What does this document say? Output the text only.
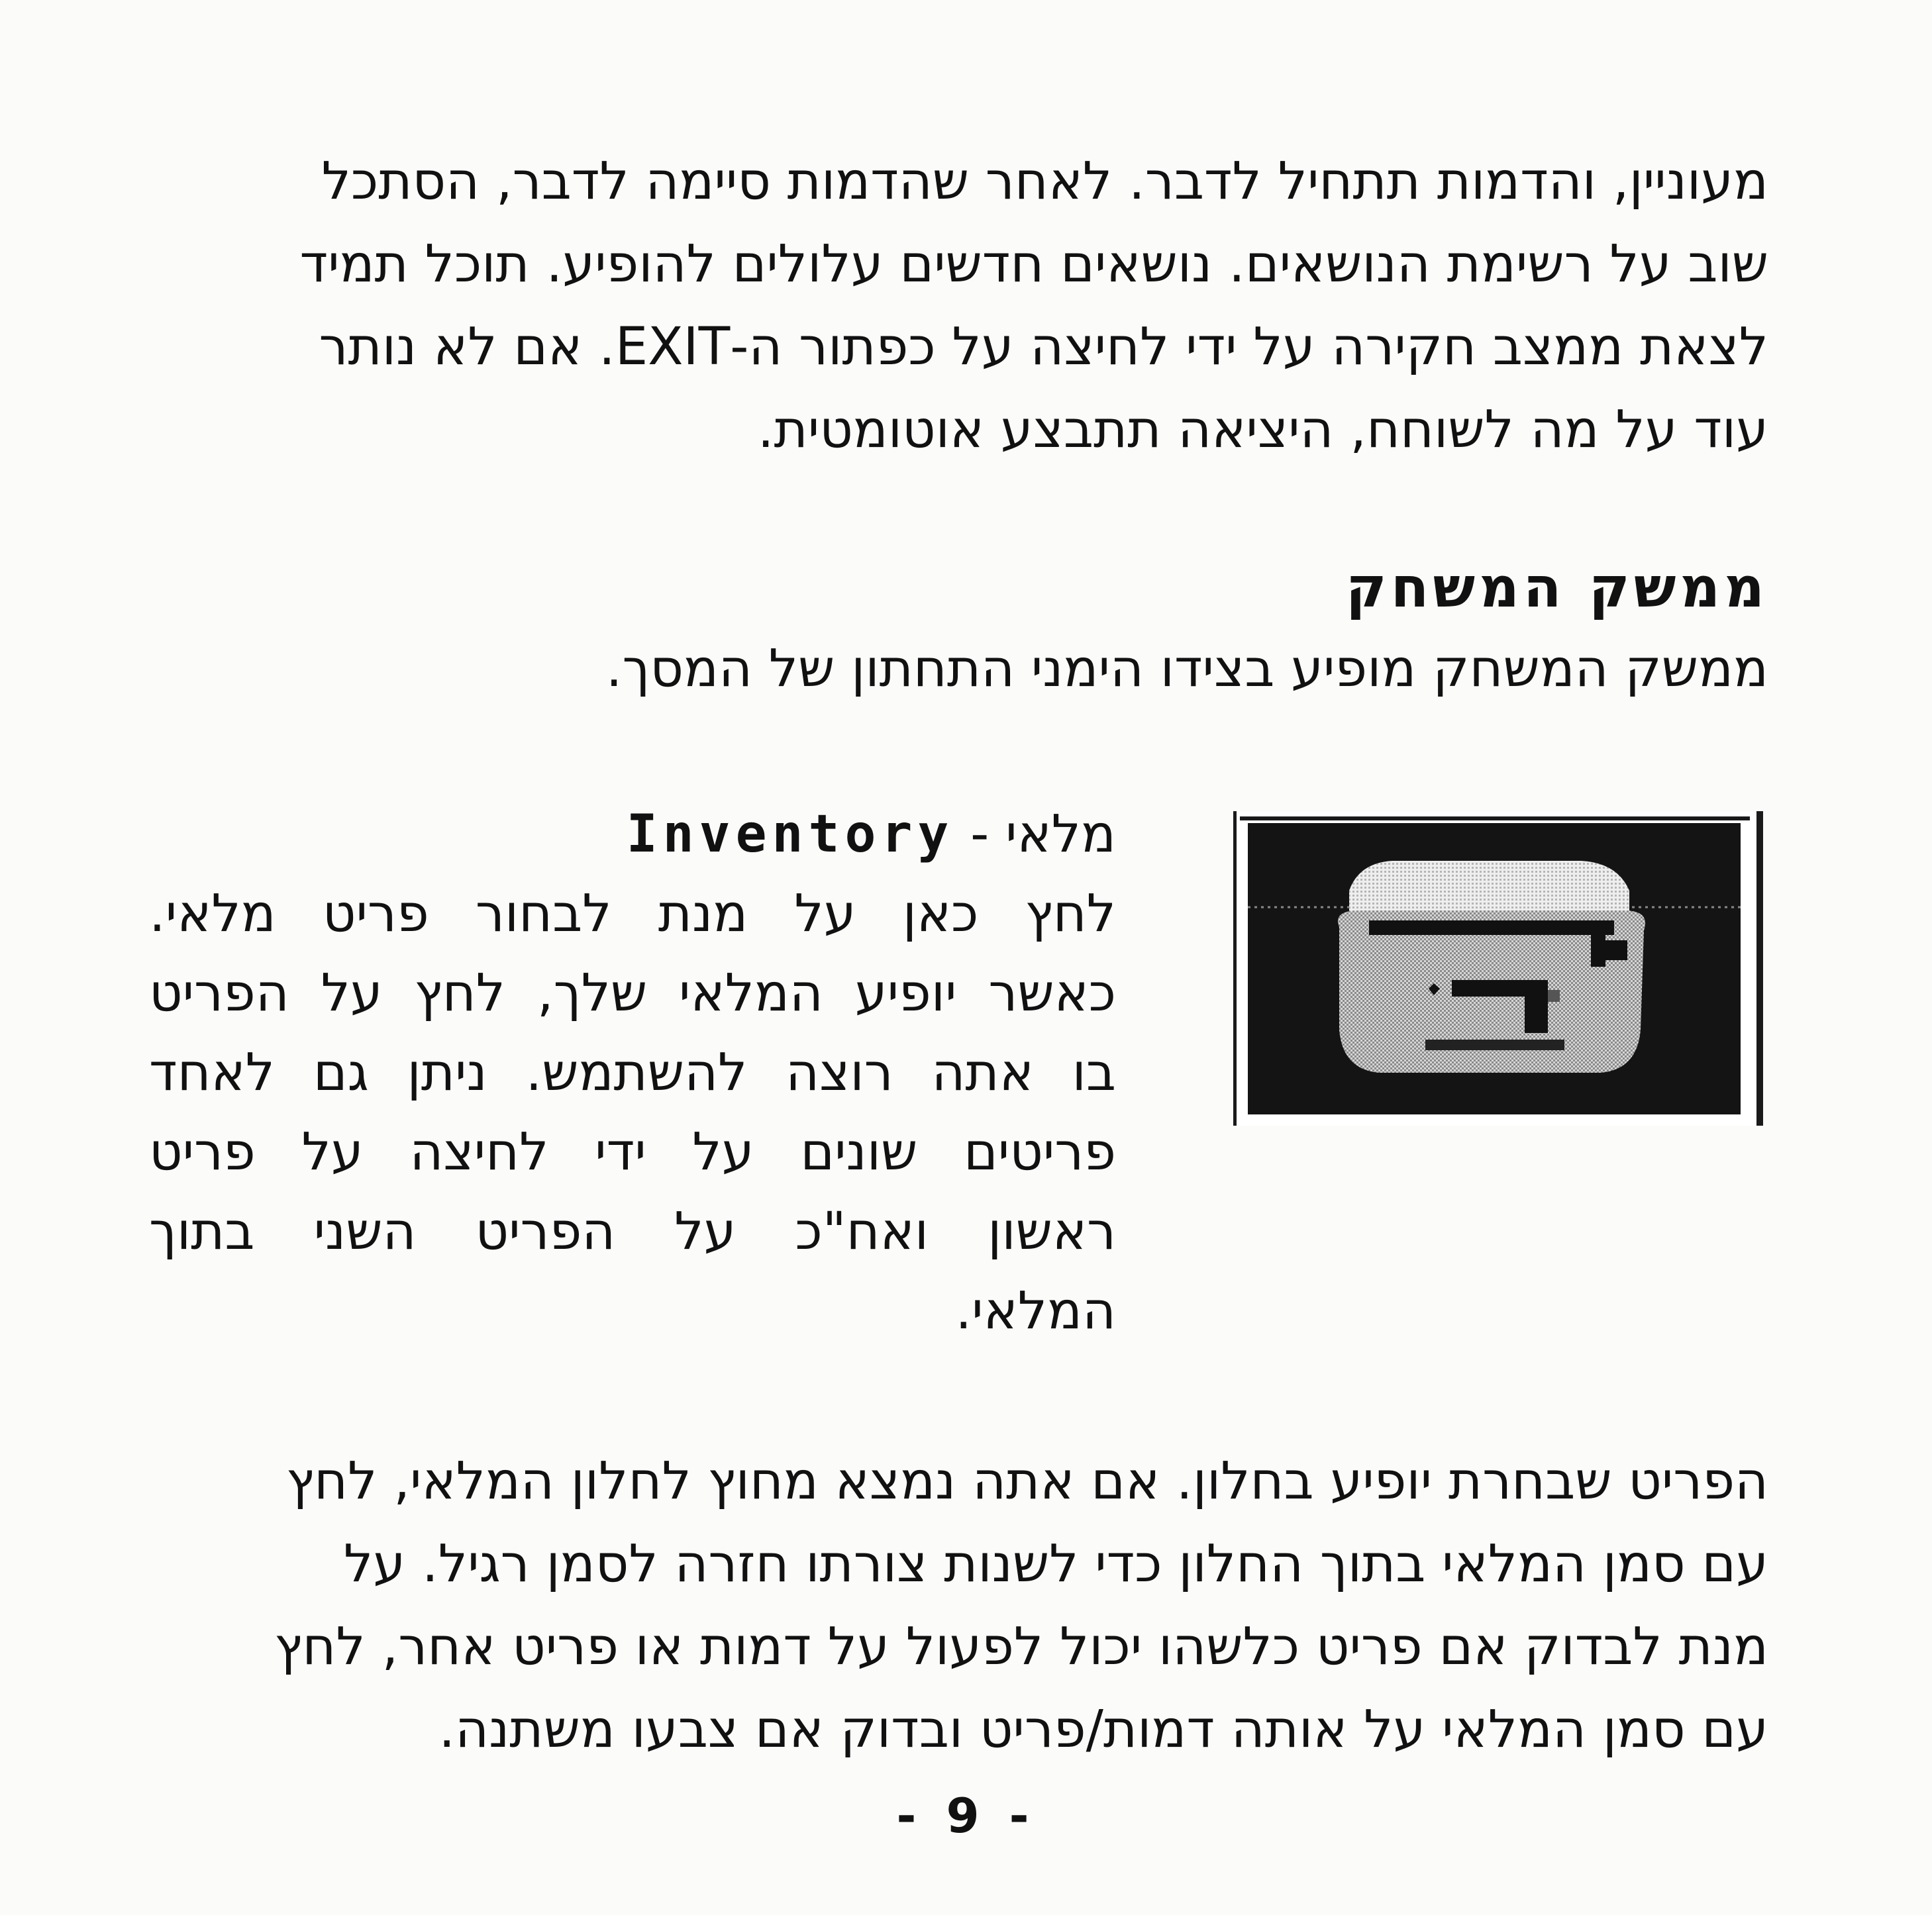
מעוניין, והדמות תתחיל לדבר. לאחר שהדמות סיימה לדבר, הסתכל
שוב על רשימת הנושאים. נושאים חדשים עלולים להופיע. תוכל תמיד
לצאת ממצב חקירה על ידי לחיצה על כפתור ה-EXIT. אם לא נותר
עוד על מה לשוחח, היציאה תתבצע אוטומטית.

ממשק המשחק

ממשק המשחק מופיע בצידו הימני התחתון של המסך.

מלאי - Inventory
לחץ כאן על מנת לבחור פריט מלאי.
כאשר יופיע המלאי שלך, לחץ על הפריט
בו אתה רוצה להשתמש. ניתן גם לאחד
פריטים שונים על ידי לחיצה על פריט
ראשון ואח"כ על הפריט השני בתוך
המלאי.

הפריט שבחרת יופיע בחלון. אם אתה נמצא מחוץ לחלון המלאי, לחץ
עם סמן המלאי בתוך החלון כדי לשנות צורתו חזרה לסמן רגיל. על
מנת לבדוק אם פריט כלשהו יכול לפעול על דמות או פריט אחר, לחץ
עם סמן המלאי על אותה דמות/פריט ובדוק אם צבעו משתנה.

- 9 -
